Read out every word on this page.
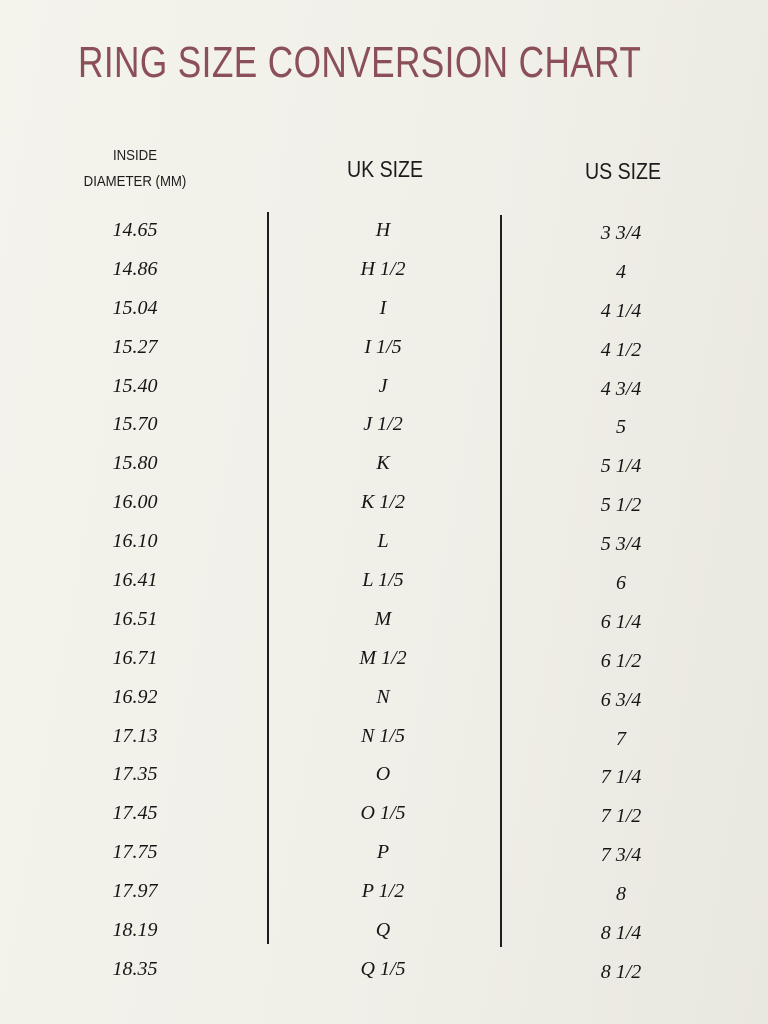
RING SIZE CONVERSION CHART
INSIDE
DIAMETER (MM)	UK SIZE	US SIZE
14.65	H	3 3/4
14.86	H 1/2	4
15.04	I	4 1/4
15.27	I 1/5	4 1/2
15.40	J	4 3/4
15.70	J 1/2	5
15.80	K	5 1/4
16.00	K 1/2	5 1/2
16.10	L	5 3/4
16.41	L 1/5	6
16.51	M	6 1/4
16.71	M 1/2	6 1/2
16.92	N	6 3/4
17.13	N 1/5	7
17.35	O	7 1/4
17.45	O 1/5	7 1/2
17.75	P	7 3/4
17.97	P 1/2	8
18.19	Q	8 1/4
18.35	Q 1/5	8 1/2
